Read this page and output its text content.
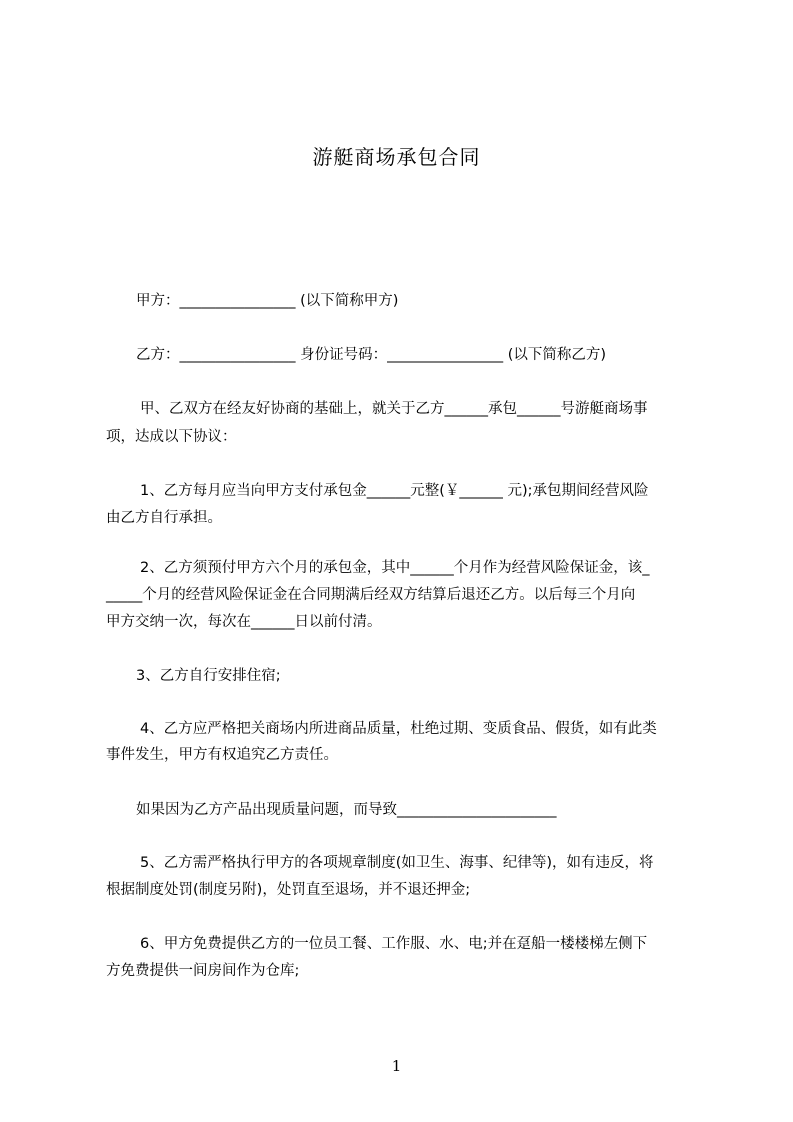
游艇商场承包合同
甲方：________________ (以下简称甲方)
乙方：________________ 身份证号码：________________ (以下简称乙方)
甲、乙双方在经友好协商的基础上，就关于乙方______承包______号游艇商场事
项，达成以下协议：
1、乙方每月应当向甲方支付承包金______元整(￥______ 元);承包期间经营风险
由乙方自行承担。
2、乙方须预付甲方六个月的承包金，其中______个月作为经营风险保证金，该_
_____个月的经营风险保证金在合同期满后经双方结算后退还乙方。以后每三个月向
甲方交纳一次，每次在______日以前付清。
3、乙方自行安排住宿;
4、乙方应严格把关商场内所进商品质量，杜绝过期、变质食品、假货，如有此类
事件发生，甲方有权追究乙方责任。
如果因为乙方产品出现质量问题，而导致______________________
5、乙方需严格执行甲方的各项规章制度(如卫生、海事、纪律等)，如有违反，将
根据制度处罚(制度另附)，处罚直至退场，并不退还押金;
6、甲方免费提供乙方的一位员工餐、工作服、水、电;并在趸船一楼楼梯左侧下
方免费提供一间房间作为仓库;
1
